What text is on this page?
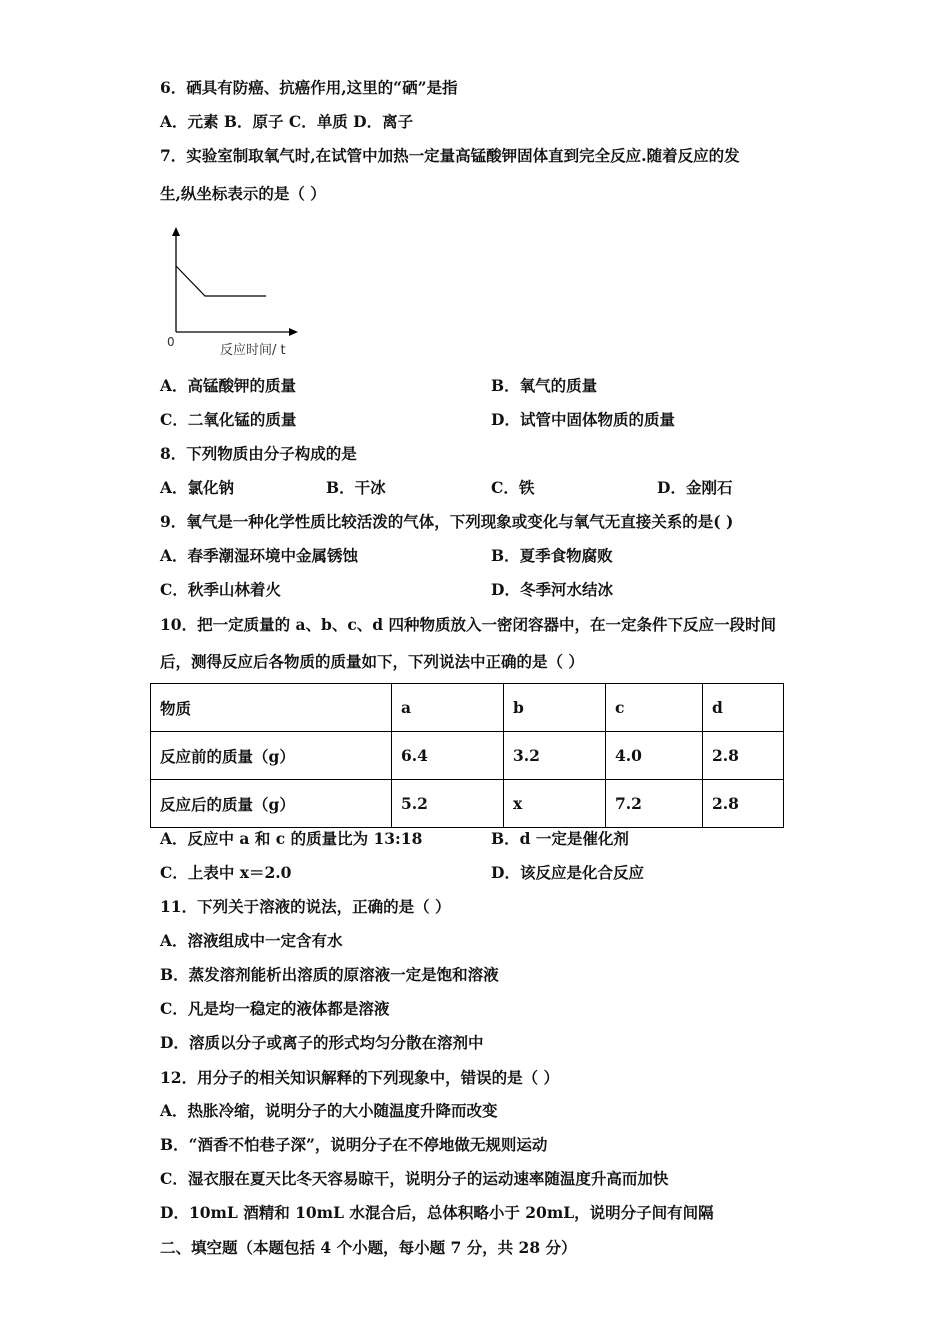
6．硒具有防癌、抗癌作用,这里的“硒”是指
A．元素 B．原子 C．单质 D．离子
7．实验室制取氧气时,在试管中加热一定量高锰酸钾固体直到完全反应.随着反应的发
生,纵坐标表示的是（ ）
0
反应时间/ t
A．高锰酸钾的质量	B．氧气的质量
C．二氧化锰的质量	D．试管中固体物质的质量
8．下列物质由分子构成的是
A．氯化钠	B．干冰	C．铁	D．金刚石
9．氧气是一种化学性质比较活泼的气体，下列现象或变化与氧气无直接关系的是( )
A．春季潮湿环境中金属锈蚀	B．夏季食物腐败
C．秋季山林着火	D．冬季河水结冰
10．把一定质量的 a、b、c、d 四种物质放入一密闭容器中，在一定条件下反应一段时间
后，测得反应后各物质的质量如下，下列说法中正确的是（ ）
物质	a	b	c	d
反应前的质量（g）	6.4	3.2	4.0	2.8
反应后的质量（g）	5.2	x	7.2	2.8
A．反应中 a 和 c 的质量比为 13:18	B．d 一定是催化剂
C．上表中 x＝2.0	D．该反应是化合反应
11．下列关于溶液的说法，正确的是（ ）
A．溶液组成中一定含有水
B．蒸发溶剂能析出溶质的原溶液一定是饱和溶液
C．凡是均一稳定的液体都是溶液
D．溶质以分子或离子的形式均匀分散在溶剂中
12．用分子的相关知识解释的下列现象中，错误的是（ ）
A．热胀冷缩，说明分子的大小随温度升降而改变
B．“酒香不怕巷子深”，说明分子在不停地做无规则运动
C．湿衣服在夏天比冬天容易晾干，说明分子的运动速率随温度升高而加快
D．10mL 酒精和 10mL 水混合后，总体积略小于 20mL，说明分子间有间隔
二、填空题（本题包括 4 个小题，每小题 7 分，共 28 分）
